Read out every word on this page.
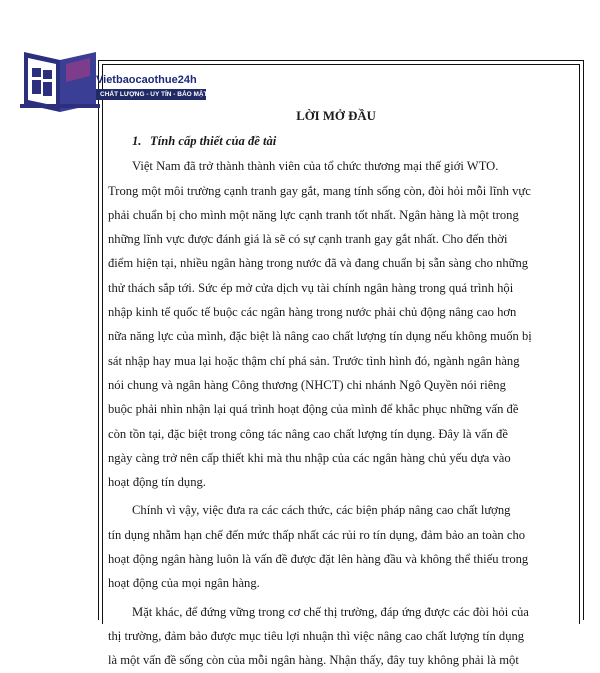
Vietbaocaothue24h
CHẤT LƯỢNG - UY TÍN - BẢO MẬT

LỜI MỞ ĐẦU

1. Tính cấp thiết của đề tài

Việt Nam đã trở thành thành viên của tổ chức thương mại thế giới WTO.
Trong một môi trường cạnh tranh gay gắt, mang tính sống còn, đòi hỏi mỗi lĩnh vực
phải chuẩn bị cho mình một năng lực cạnh tranh tốt nhất. Ngân hàng là một trong
những lĩnh vực được đánh giá là sẽ có sự cạnh tranh gay gắt nhất. Cho đến thời
điểm hiện tại, nhiều ngân hàng trong nước đã và đang chuẩn bị sẵn sàng cho những
thử thách sắp tới. Sức ép mở cửa dịch vụ tài chính ngân hàng trong quá trình hội
nhập kinh tế quốc tế buộc các ngân hàng trong nước phải chủ động nâng cao hơn
nữa năng lực của mình, đặc biệt là nâng cao chất lượng tín dụng nếu không muốn bị
sát nhập hay mua lại hoặc thậm chí phá sản. Trước tình hình đó, ngành ngân hàng
nói chung và ngân hàng Công thương (NHCT) chi nhánh Ngô Quyền nói riêng
buộc phải nhìn nhận lại quá trình hoạt động của mình để khắc phục những vấn đề
còn tồn tại, đặc biệt trong công tác nâng cao chất lượng tín dụng. Đây là vấn đề
ngày càng trở nên cấp thiết khi mà thu nhập của các ngân hàng chủ yếu dựa vào
hoạt động tín dụng.

Chính vì vậy, việc đưa ra các cách thức, các biện pháp nâng cao chất lượng
tín dụng nhằm hạn chế đến mức thấp nhất các rủi ro tín dụng, đảm bảo an toàn cho
hoạt động ngân hàng luôn là vấn đề được đặt lên hàng đầu và không thể thiếu trong
hoạt động của mọi ngân hàng.

Mặt khác, để đứng vững trong cơ chế thị trường, đáp ứng được các đòi hỏi của
thị trường, đảm bảo được mục tiêu lợi nhuận thì việc nâng cao chất lượng tín dụng
là một vấn đề sống còn của mỗi ngân hàng. Nhận thấy, đây tuy không phải là một
